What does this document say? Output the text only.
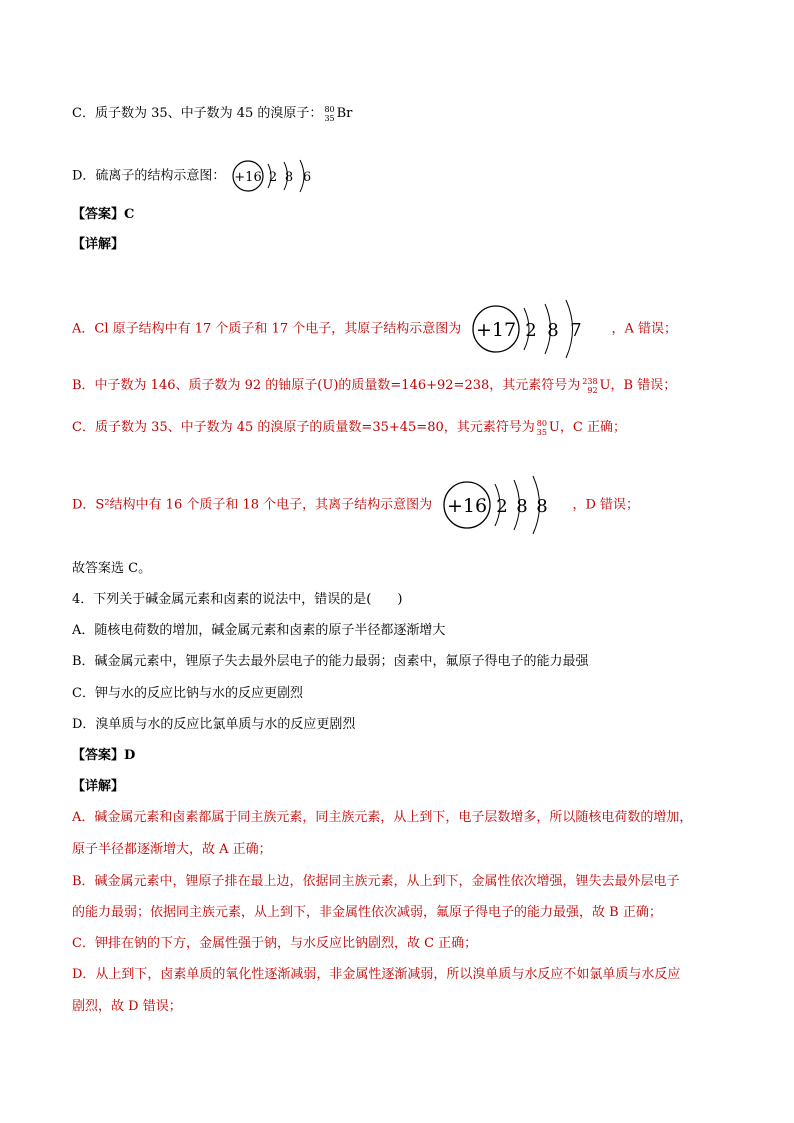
C．质子数为 35、中子数为 45 的溴原子： 80
35 Br
D．硫离子的结构示意图： +16 2 8 6
【答案】C
【详解】
A．Cl 原子结构中有 17 个质子和 17 个电子，其原子结构示意图为 +17 2 8 7 ，A 错误；
B．中子数为 146、质子数为 92 的铀原子(U)的质量数=146+92=238，其元素符号为 238
92 U，B 错误；
C．质子数为 35、中子数为 45 的溴原子的质量数=35+45=80，其元素符号为 80
35 U，C 正确；
D．S²结构中有 16 个质子和 18 个电子，其离子结构示意图为 +16 2 8 8 ，D 错误；
故答案选 C。
4．下列关于碱金属元素和卤素的说法中，错误的是(　　)
A．随核电荷数的增加，碱金属元素和卤素的原子半径都逐渐增大
B．碱金属元素中，锂原子失去最外层电子的能力最弱；卤素中，氟原子得电子的能力最强
C．钾与水的反应比钠与水的反应更剧烈
D．溴单质与水的反应比氯单质与水的反应更剧烈
【答案】D
【详解】
A．碱金属元素和卤素都属于同主族元素，同主族元素，从上到下，电子层数增多，所以随核电荷数的增加，
原子半径都逐渐增大，故 A 正确；
B．碱金属元素中，锂原子排在最上边，依据同主族元素，从上到下，金属性依次增强，锂失去最外层电子
的能力最弱；依据同主族元素，从上到下，非金属性依次减弱，氟原子得电子的能力最强，故 B 正确；
C．钾排在钠的下方，金属性强于钠，与水反应比钠剧烈，故 C 正确；
D．从上到下，卤素单质的氧化性逐渐减弱，非金属性逐渐减弱，所以溴单质与水反应不如氯单质与水反应
剧烈，故 D 错误；
